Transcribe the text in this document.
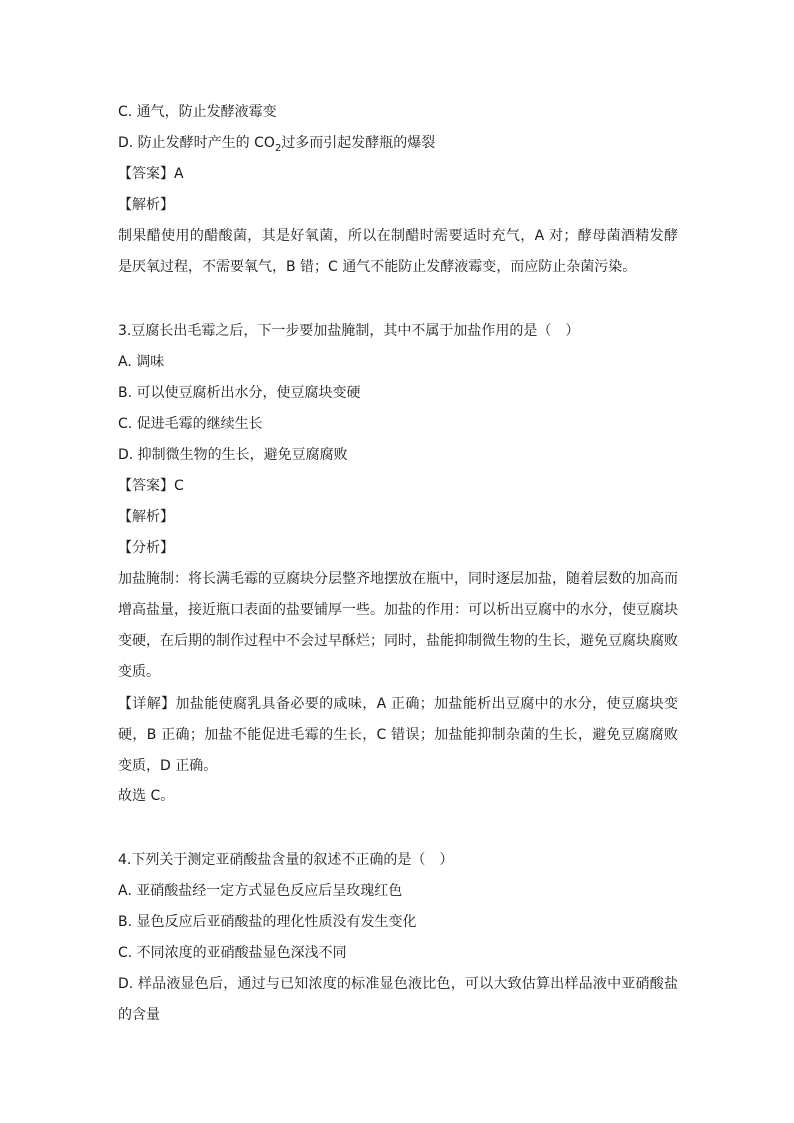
C. 通气，防止发酵液霉变
D. 防止发酵时产生的 $CO_2$过多而引起发酵瓶的爆裂
【答案】A
【解析】
制果醋使用的醋酸菌，其是好氧菌，所以在制醋时需要适时充气，A 对；酵母菌酒精发酵是厌氧过程，不需要氧气，B 错；C 通气不能防止发酵液霉变，而应防止杂菌污染。
3.豆腐长出毛霉之后，下一步要加盐腌制，其中不属于加盐作用的是（　）
A. 调味
B. 可以使豆腐析出水分，使豆腐块变硬
C. 促进毛霉的继续生长
D. 抑制微生物的生长，避免豆腐腐败
【答案】C
【解析】
【分析】
加盐腌制：将长满毛霉的豆腐块分层整齐地摆放在瓶中，同时逐层加盐，随着层数的加高而增高盐量，接近瓶口表面的盐要铺厚一些。加盐的作用：可以析出豆腐中的水分，使豆腐块变硬，在后期的制作过程中不会过早酥烂；同时，盐能抑制微生物的生长，避免豆腐块腐败变质。
【详解】加盐能使腐乳具备必要的咸味，A 正确；加盐能析出豆腐中的水分，使豆腐块变硬，B 正确；加盐不能促进毛霉的生长，C 错误；加盐能抑制杂菌的生长，避免豆腐腐败变质，D 正确。
故选 C。
4.下列关于测定亚硝酸盐含量的叙述不正确的是（　）
A. 亚硝酸盐经一定方式显色反应后呈玫瑰红色
B. 显色反应后亚硝酸盐的理化性质没有发生变化
C. 不同浓度的亚硝酸盐显色深浅不同
D. 样品液显色后，通过与已知浓度的标准显色液比色，可以大致估算出样品液中亚硝酸盐的含量
